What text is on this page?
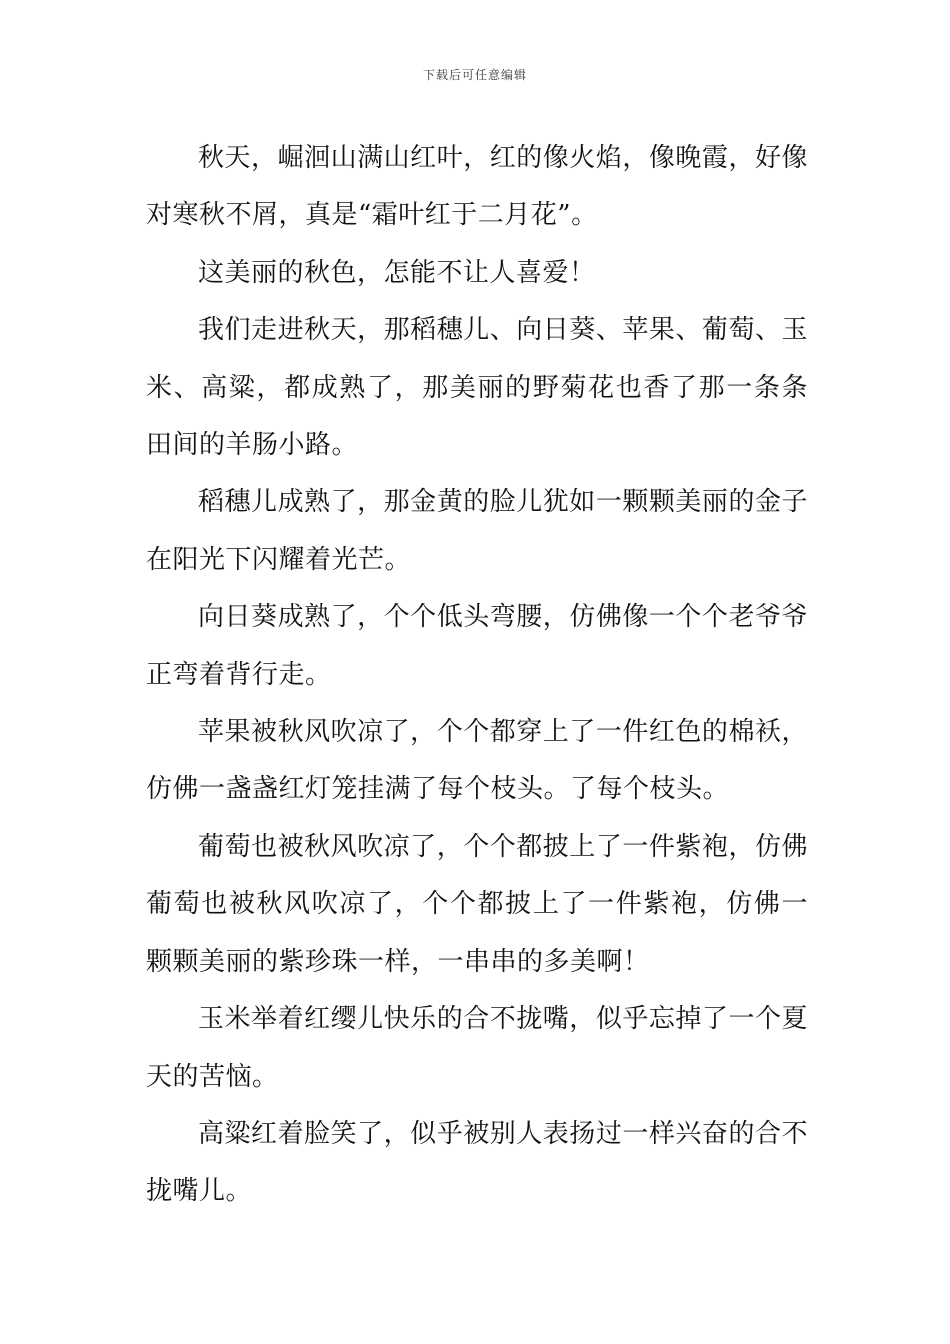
下载后可任意编辑

秋天，崛洄山满山红叶，红的像火焰，像晚霞，好像对寒秋不屑，真是“霜叶红于二月花”。

这美丽的秋色，怎能不让人喜爱！

我们走进秋天，那稻穗儿、向日葵、苹果、葡萄、玉米、高粱，都成熟了，那美丽的野菊花也香了那一条条田间的羊肠小路。

稻穗儿成熟了，那金黄的脸儿犹如一颗颗美丽的金子在阳光下闪耀着光芒。

向日葵成熟了，个个低头弯腰，仿佛像一个个老爷爷正弯着背行走。

苹果被秋风吹凉了，个个都穿上了一件红色的棉袄，仿佛一盏盏红灯笼挂满了每个枝头。了每个枝头。

葡萄也被秋风吹凉了，个个都披上了一件紫袍，仿佛葡萄也被秋风吹凉了，个个都披上了一件紫袍，仿佛一颗颗美丽的紫珍珠一样，一串串的多美啊！

玉米举着红缨儿快乐的合不拢嘴，似乎忘掉了一个夏天的苦恼。

高粱红着脸笑了，似乎被别人表扬过一样兴奋的合不拢嘴儿。
